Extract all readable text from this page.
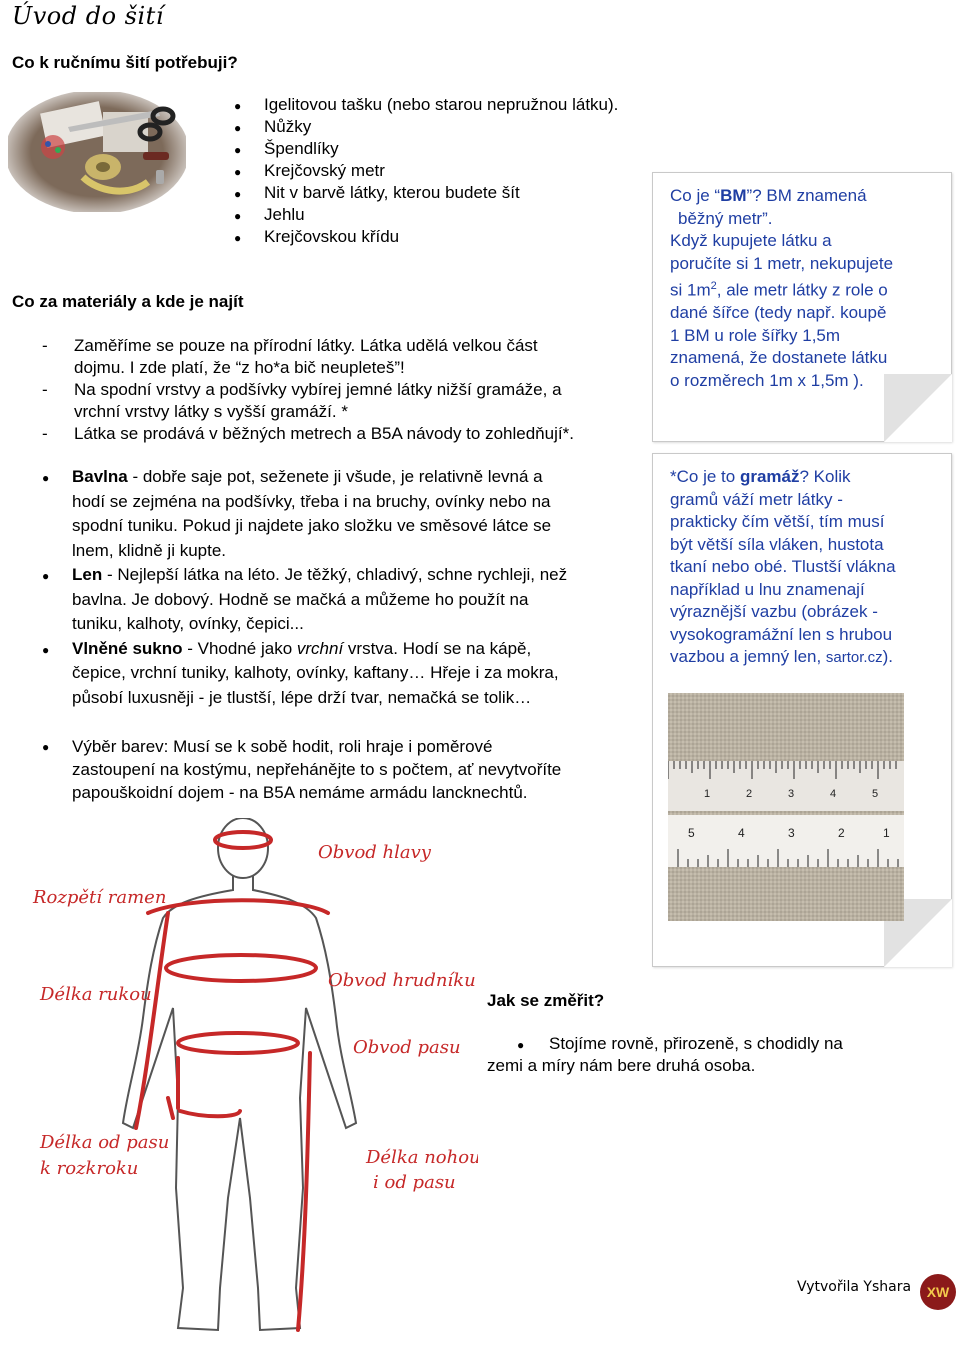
Úvod do šití
Co k ručnímu šití potřebuji?
● Igelitovou tašku (nebo starou nepružnou látku).
● Nůžky
● Špendlíky
● Krejčovský metr
● Nit v barvě látky, kterou budete šít
● Jehlu
● Krejčovskou křídu
Co za materiály a kde je najít
- Zaměříme se pouze na přírodní látky. Látka udělá velkou část
dojmu. I zde platí, že “z ho*a bič neupleteš”!
- Na spodní vrstvy a podšívky vybírej jemné látky nižší gramáže, a
vrchní vrstvy látky s vyšší gramáží. *
- Látka se prodává v běžných metrech a B5A návody to zohledňují*.
● Bavlna - dobře saje pot, seženete ji všude, je relativně levná a
hodí se zejména na podšívky, třeba i na bruchy, ovínky nebo na
spodní tuniku. Pokud ji najdete jako složku ve směsové látce se
lnem, klidně ji kupte.
● Len - Nejlepší látka na léto. Je těžký, chladivý, schne rychleji, než
bavlna. Je dobový. Hodně se mačká a můžeme ho použít na
tuniku, kalhoty, ovínky, čepici...
● Vlněné sukno - Vhodné jako vrchní vrstva. Hodí se na kápě,
čepice, vrchní tuniky, kalhoty, ovínky, kaftany… Hřeje i za mokra,
působí luxusněji - je tlustší, lépe drží tvar, nemačká se tolik…
● Výběr barev: Musí se k sobě hodit, roli hraje i poměrové
zastoupení na kostýmu, nepřehánějte to s počtem, ať nevytvoříte
papouškoidní dojem - na B5A nemáme armádu lancknechtů.
Co je “BM”? BM znamená
běžný metr”.
Když kupujete látku a
poručíte si 1 metr, nekupujete
si $1m^2$, ale metr látky z role o
dané šířce (tedy např. koupě
1 BM u role šířky 1,5m
znamená, že dostanete látku
o rozměrech 1m x 1,5m ).
*Co je to gramáž? Kolik
gramů váží metr látky -
prakticky čím větší, tím musí
být větší síla vláken, hustota
tkaní nebo obé. Tlustší vlákna
například u lnu znamenají
výraznější vazbu (obrázek -
vysokogramážní len s hrubou
vazbou a jemný len, sartor.cz).
1	2	3	4	5
5	4	3	2	1
Obvod hlavy
Rozpětí ramen
Obvod hrudníku
Délka rukou
Obvod pasu
Délka od pasu
k rozkroku
Délka nohou
i od pasu
Jak se změřit?
● Stojíme rovně, přirozeně, s chodidly na
zemi a míry nám bere druhá osoba.
Vytvořila Yshara	XW
